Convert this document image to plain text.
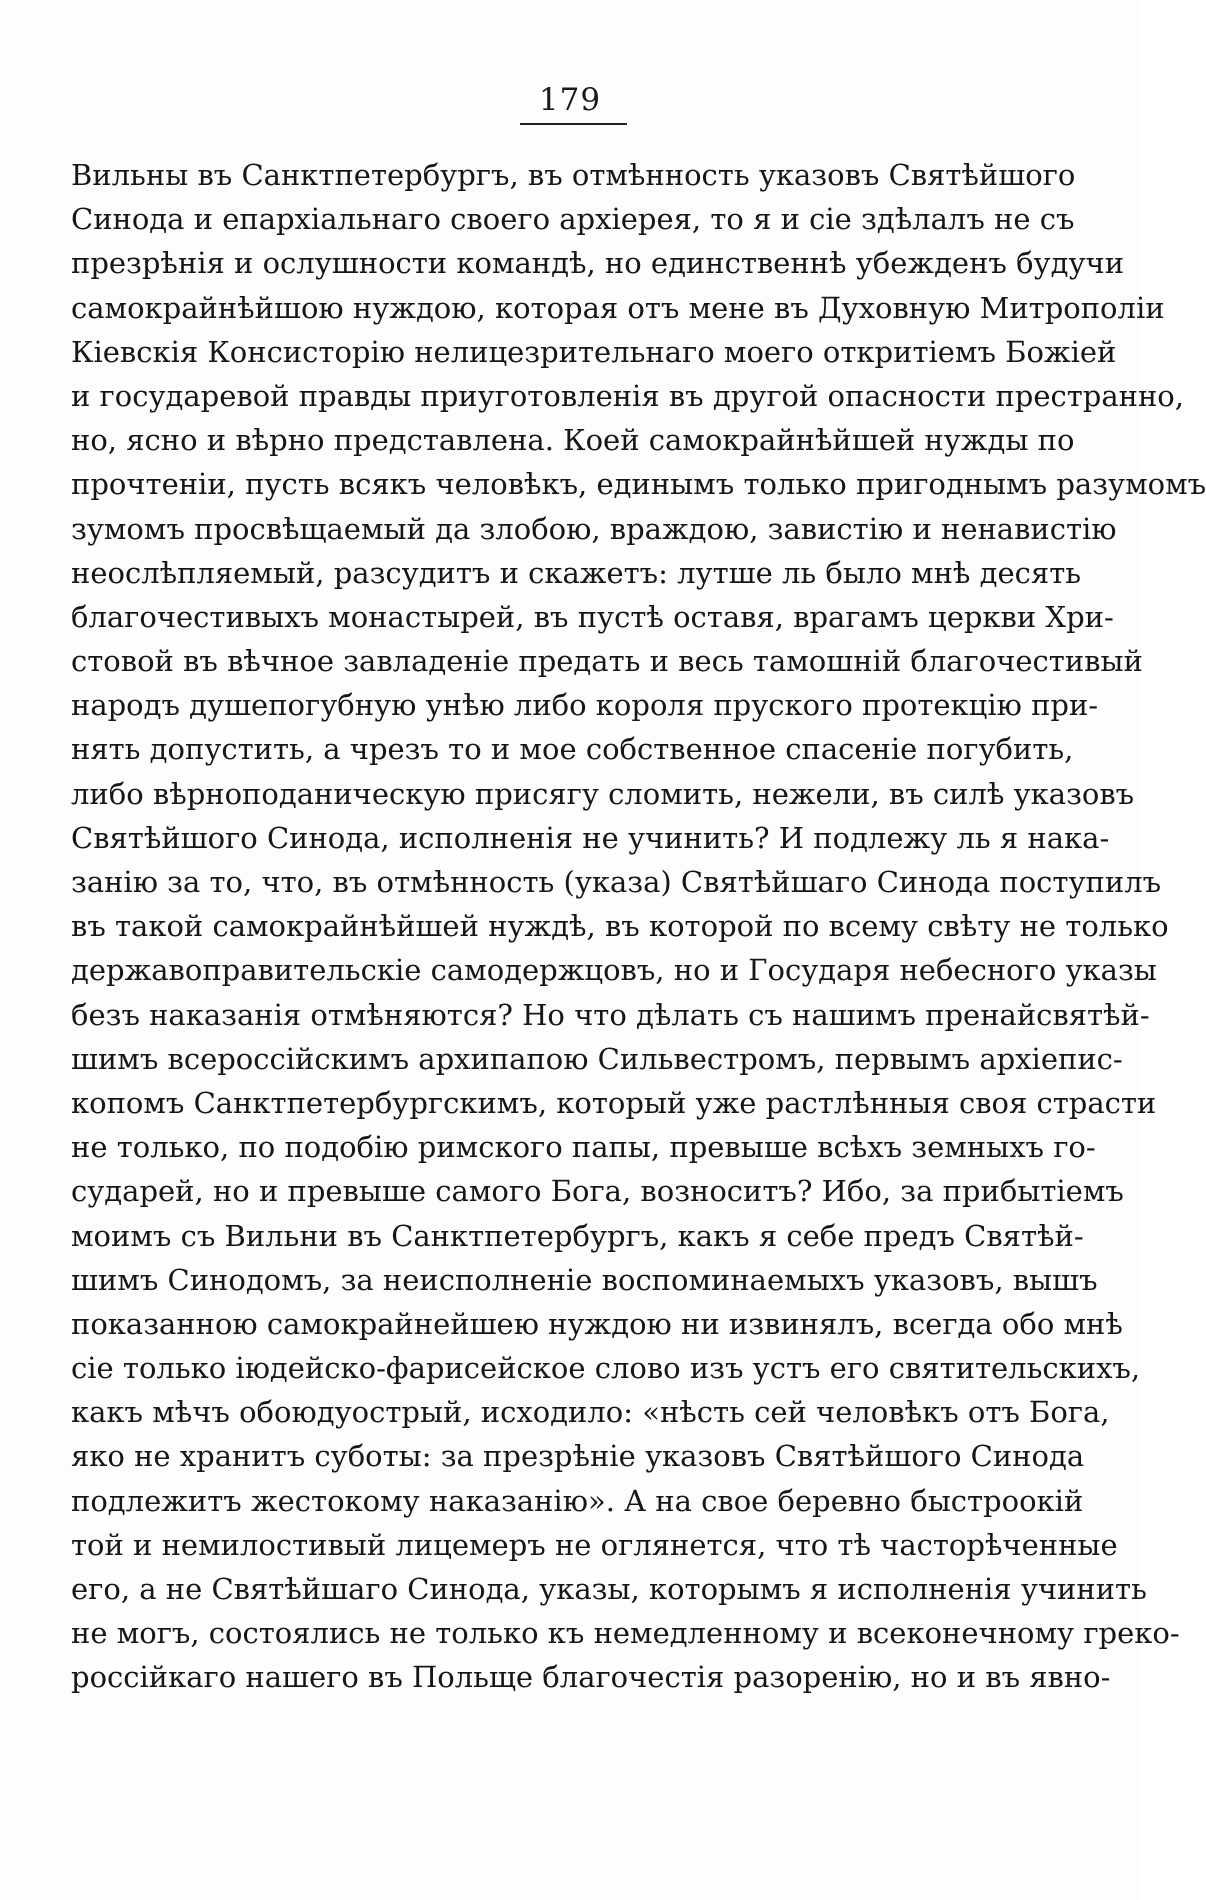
179
Вильны въ Санктпетербургъ, въ отмѣнность указовъ Святѣйшого
Синода и епархіальнаго своего архіерея, то я и сіе здѣлалъ не съ
презрѣнія и ослушности командѣ, но единственнѣ убежденъ будучи
самокрайнѣйшою нуждою, которая отъ мене въ Духовную Митрополіи
Кіевскія Консисторію нелицезрительнаго моего откритіемъ Божіей
и государевой правды приуготовленія въ другой опасности престранно,
но, ясно и вѣрно представлена. Коей самокрайнѣйшей нужды по
прочтеніи, пусть всякъ человѣкъ, единымъ только пригоднымъ разумомъ
зумомъ просвѣщаемый да злобою, враждою, завистію и ненавистію
неослѣпляемый, разсудитъ и скажетъ: лутше ль было мнѣ десять
благочестивыхъ монастырей, въ пустѣ оставя, врагамъ церкви Хри-
стовой въ вѣчное завладеніе предать и весь тамошній благочестивый
народъ душепогубную унѣю либо короля пруского протекцію при-
нять допустить, а чрезъ то и мое собственное спасеніе погубить,
либо вѣрноподаническую присягу сломить, нежели, въ силѣ указовъ
Святѣйшого Синода, исполненія не учинить? И подлежу ль я нака-
занію за то, что, въ отмѣнность (указа) Святѣйшаго Синода поступилъ
въ такой самокрайнѣйшей нуждѣ, въ которой по всему свѣту не только
державоправительскіе самодержцовъ, но и Государя небесного указы
безъ наказанія отмѣняются? Но что дѣлать съ нашимъ пренайсвятѣй-
шимъ всероссійскимъ архипапою Сильвестромъ, первымъ архіепис-
копомъ Санктпетербургскимъ, который уже растлѣнныя своя страсти
не только, по подобію римского папы, превыше всѣхъ земныхъ го-
сударей, но и превыше самого Бога, возноситъ? Ибо, за прибытіемъ
моимъ съ Вильни въ Санктпетербургъ, какъ я себе предъ Святѣй-
шимъ Синодомъ, за неисполненіе воспоминаемыхъ указовъ, вышъ
показанною самокрайнейшею нуждою ни извинялъ, всегда обо мнѣ
сіе только іюдейско-фарисейское слово изъ устъ его святительскихъ,
какъ мѣчъ обоюдуострый, исходило: «нѣсть сей человѣкъ отъ Бога,
яко не хранитъ суботы: за презрѣніе указовъ Святѣйшого Синода
подлежитъ жестокому наказанію». А на свое беревно быстроокій
той и немилостивый лицемеръ не оглянется, что тѣ часторѣченные
его, а не Святѣйшаго Синода, указы, которымъ я исполненія учинить
не могъ, состоялись не только къ немедленному и всеконечному греко-
россійкаго нашего въ Польще благочестія разоренію, но и въ явно-
